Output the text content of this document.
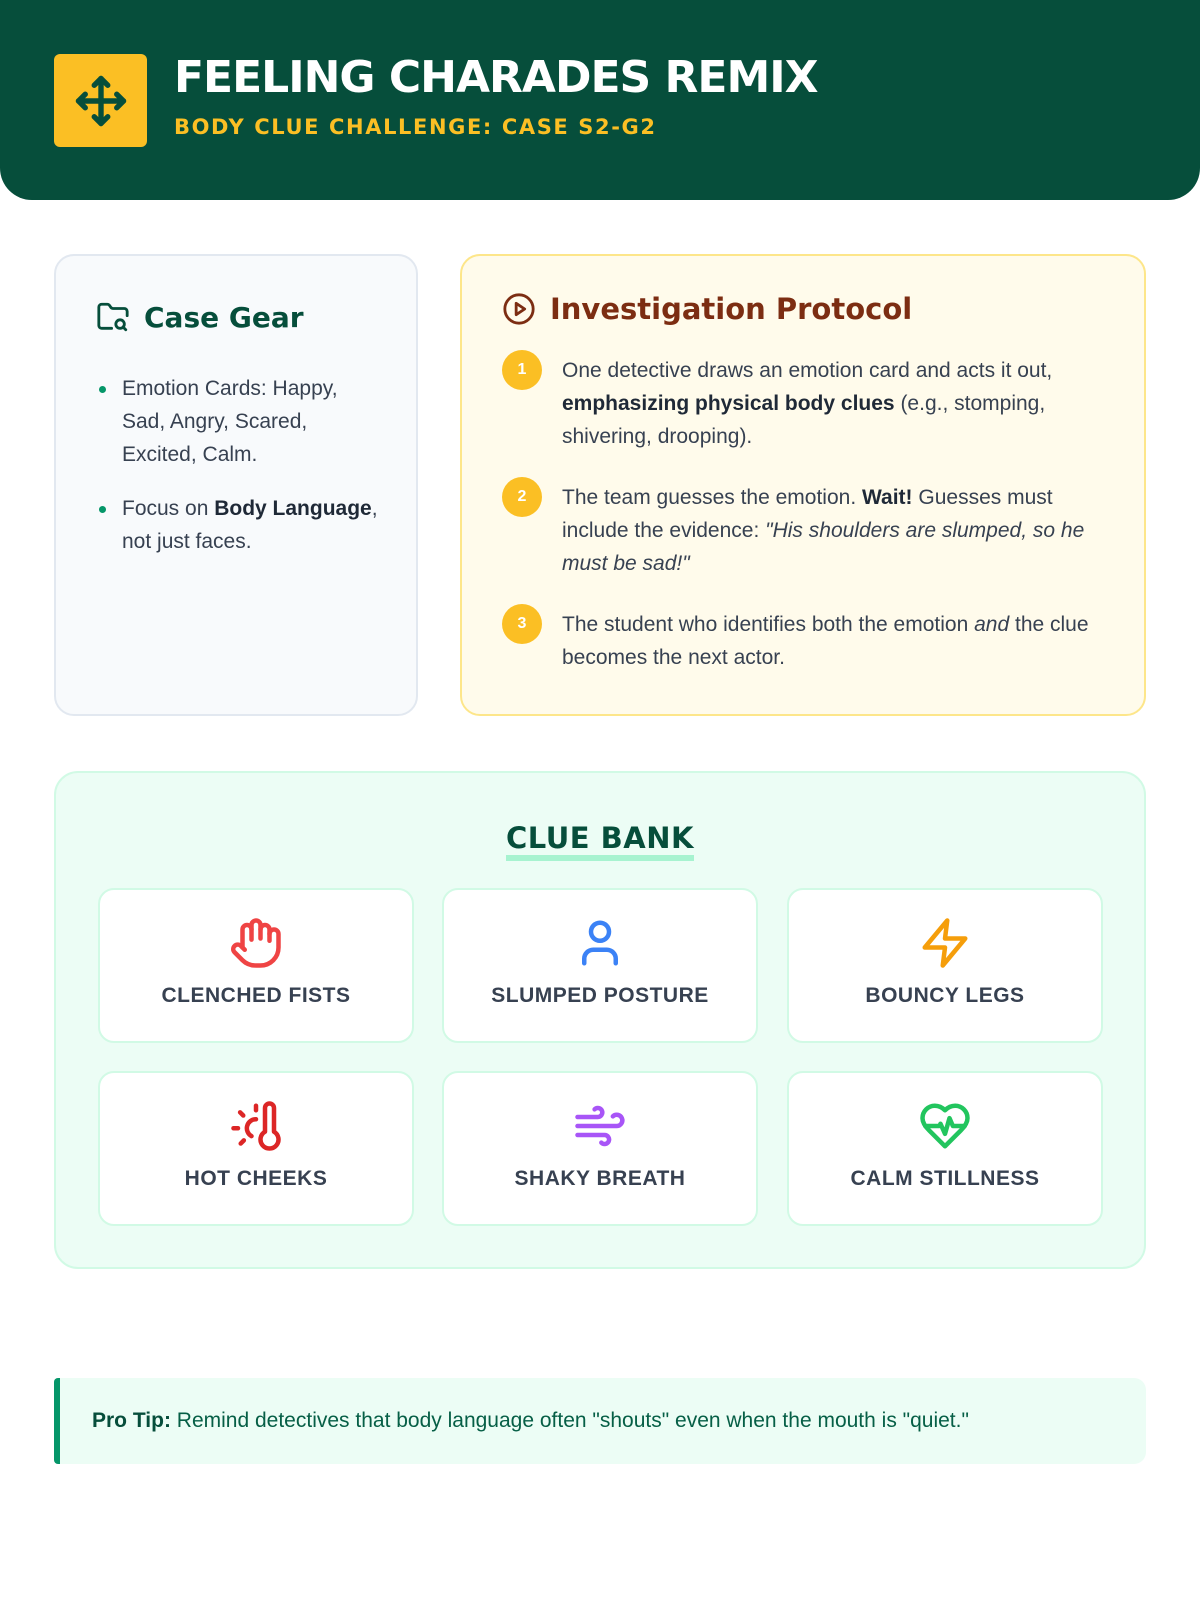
FEELING CHARADES REMIX
BODY CLUE CHALLENGE: CASE S2-G2
Case Gear
Emotion Cards: Happy, Sad, Angry, Scared, Excited, Calm.
Focus on Body Language, not just faces.
Investigation Protocol
1	One detective draws an emotion card and acts it out, emphasizing physical body clues (e.g., stomping, shivering, drooping).
2	The team guesses the emotion. Wait! Guesses must include the evidence: "His shoulders are slumped, so he must be sad!"
3	The student who identifies both the emotion and the clue becomes the next actor.
CLUE BANK
CLENCHED FISTS	SLUMPED POSTURE	BOUNCY LEGS
HOT CHEEKS	SHAKY BREATH	CALM STILLNESS
Pro Tip: Remind detectives that body language often "shouts" even when the mouth is "quiet."
